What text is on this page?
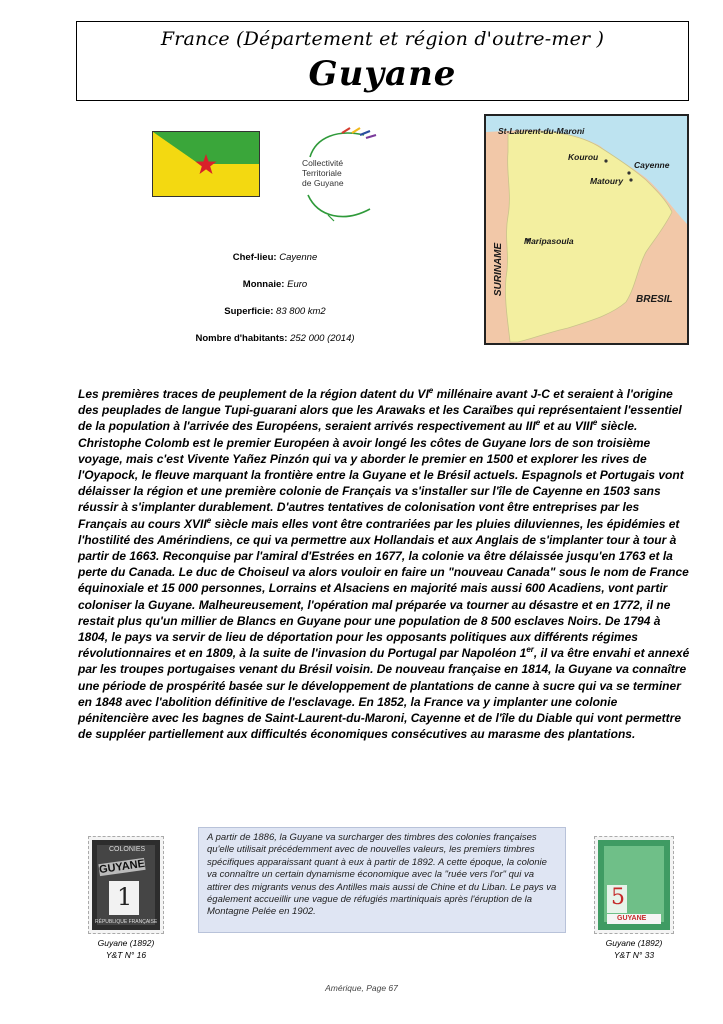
France (Département et région d'outre-mer )
Guyane
Collectivité
Territoriale
de Guyane
Chef-lieu: Cayenne
Monnaie: Euro
Superficie: 83 800 km2
Nombre d'habitants: 252 000 (2014)
St-Laurent-du-Maroni
Kourou
Cayenne
Matoury
Maripasoula
SURINAME
BRESIL
Les premières traces de peuplement de la région datent du VIe millénaire avant J-C et seraient à l'origine des peuplades de langue Tupi-guarani alors que les Arawaks et les Caraïbes qui représentaient l'essentiel de la population à l'arrivée des Européens, seraient arrivés respectivement au IIIe et au VIIIe siècle. Christophe Colomb est le premier Européen à avoir longé les côtes de Guyane lors de son troisième voyage, mais c'est Vivente Yañez Pinzón qui va y aborder le premier en 1500 et explorer les rives de l'Oyapock, le fleuve marquant la frontière entre la Guyane et le Brésil actuels. Espagnols et Portugais vont délaisser la région et une première colonie de Français va s'installer sur l'île de Cayenne en 1503 sans réussir à s'implanter durablement. D'autres tentatives de colonisation vont être entreprises par les Français au cours XVIIe siècle mais elles vont être contrariées par les pluies diluviennes, les épidémies et l'hostilité des Amérindiens, ce qui va permettre aux Hollandais et aux Anglais de s'implanter tour à tour à partir de 1663. Reconquise par l'amiral d'Estrées en 1677, la colonie va être délaissée jusqu'en 1763 et la perte du Canada. Le duc de Choiseul va alors vouloir en faire un "nouveau Canada" sous le nom de France équinoxiale et 15 000 personnes, Lorrains et Alsaciens en majorité mais aussi 600 Acadiens, vont partir coloniser la Guyane. Malheureusement, l'opération mal préparée va tourner au désastre et en 1772, il ne restait plus qu'un millier de Blancs en Guyane pour une population de 8 500 esclaves Noirs. De 1794 à 1804, le pays va servir de lieu de déportation pour les opposants politiques aux différents régimes révolutionnaires et en 1809, à la suite de l'invasion du Portugal par Napoléon 1er, il va être envahi et annexé par les troupes portugaises venant du Brésil voisin. De nouveau française en 1814, la Guyane va connaître une période de prospérité basée sur le développement de plantations de canne à sucre qui va se terminer en 1848 avec l'abolition définitive de l'esclavage. En 1852, la France va y implanter une colonie pénitencière avec les bagnes de Saint-Laurent-du-Maroni, Cayenne et de l'île du Diable qui vont permettre de suppléer partiellement aux difficultés économiques consécutives au marasme des plantations.
COLONIES
GUYANE
1
RÉPUBLIQUE FRANÇAISE
Guyane (1892)
Y&T N° 16
A partir de 1886, la Guyane va surcharger des timbres des colonies françaises qu'elle utilisait précédemment avec de nouvelles valeurs, les premiers timbres spécifiques apparaissant quant à eux à partir de 1892. A cette époque, la colonie va connaître un certain dynamisme économique avec la "ruée vers l'or" qui va attirer des migrants venus des Antilles mais aussi de Chine et du Liban. Le pays va également accueillir une vague de réfugiés martiniquais après l'éruption de la Montagne Pelée en 1902.
5
GUYANE
Guyane (1892)
Y&T N° 33
Amérique, Page 67
